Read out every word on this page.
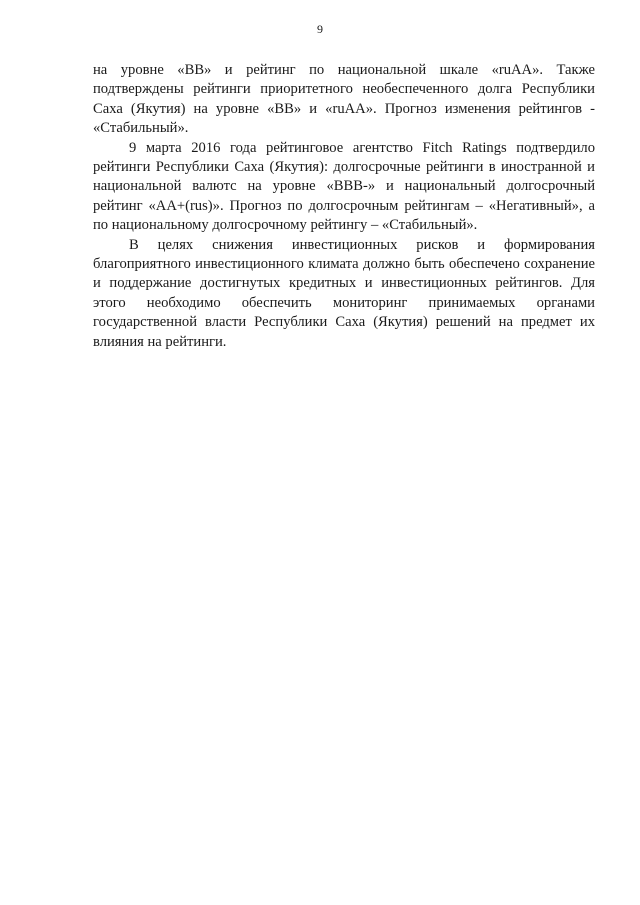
9

на уровне «BB» и рейтинг по национальной шкале «ruAA». Также подтверждены рейтинги приоритетного необеспеченного долга Республики Саха (Якутия) на уровне «BB» и «ruAA». Прогноз изменения рейтингов - «Стабильный».

9 марта 2016 года рейтинговое агентство Fitch Ratings подтвердило рейтинги Республики Саха (Якутия): долгосрочные рейтинги в иностранной и национальной валютс на уровне «BBB-» и национальный долгосрочный рейтинг «AA+(rus)». Прогноз по долгосрочным рейтингам – «Негативный», а по национальному долгосрочному рейтингу – «Стабильный».

В целях снижения инвестиционных рисков и формирования благоприятного инвестиционного климата должно быть обеспечено сохранение и поддержание достигнутых кредитных и инвестиционных рейтингов. Для этого необходимо обеспечить мониторинг принимаемых органами государственной власти Республики Саха (Якутия) решений на предмет их влияния на рейтинги.
